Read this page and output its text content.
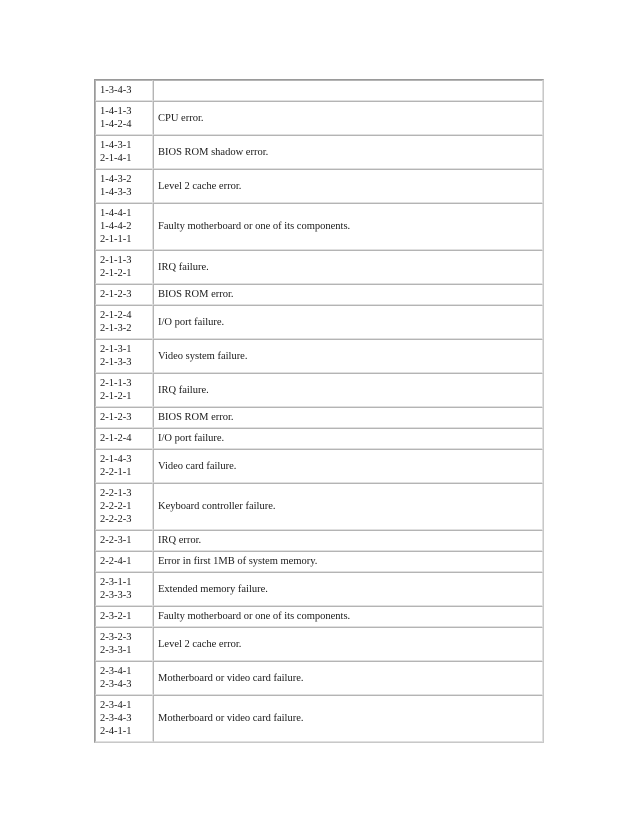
1-3-4-3	

1-4-1-3
1-4-2-4	CPU error.

1-4-3-1
2-1-4-1	BIOS ROM shadow error.

1-4-3-2
1-4-3-3	Level 2 cache error.

1-4-4-1
1-4-4-2
2-1-1-1	Faulty motherboard or one of its components.

2-1-1-3
2-1-2-1	IRQ failure.

2-1-2-3	BIOS ROM error.

2-1-2-4
2-1-3-2	I/O port failure.

2-1-3-1
2-1-3-3	Video system failure.

2-1-1-3
2-1-2-1	IRQ failure.

2-1-2-3	BIOS ROM error.

2-1-2-4	I/O port failure.

2-1-4-3
2-2-1-1	Video card failure.

2-2-1-3
2-2-2-1
2-2-2-3	Keyboard controller failure.

2-2-3-1	IRQ error.

2-2-4-1	Error in first 1MB of system memory.

2-3-1-1
2-3-3-3	Extended memory failure.

2-3-2-1	Faulty motherboard or one of its components.

2-3-2-3
2-3-3-1	Level 2 cache error.

2-3-4-1
2-3-4-3	Motherboard or video card failure.

2-3-4-1
2-3-4-3
2-4-1-1	Motherboard or video card failure.
